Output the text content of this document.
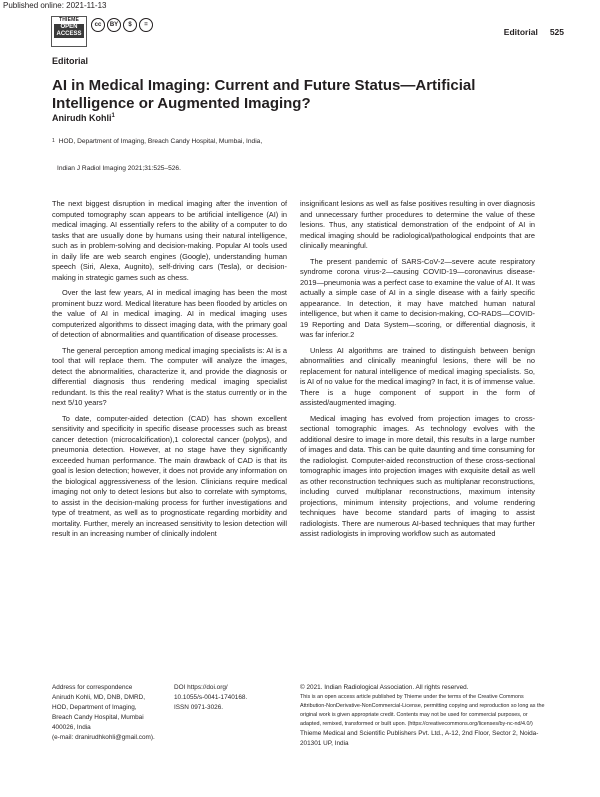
Published online: 2021-11-13
THIEME
OPEN
ACCESS
cc	BY	$	=
Editorial 525
Editorial
AI in Medical Imaging: Current and Future Status—Artificial Intelligence or Augmented Imaging?
Anirudh Kohli$^1$
1 HOD, Department of Imaging, Breach Candy Hospital, Mumbai, India,
Indian J Radiol Imaging 2021;31:525–526.

The next biggest disruption in medical imaging after the invention of computed tomography scan appears to be artificial intelligence (AI) in medical imaging. AI essentially refers to the ability of a computer to do tasks that are usually done by humans using their natural intelligence, such as in problem-solving and decision-making. Popular AI tools used in daily life are web search engines (Google), understanding human speech (Siri, Alexa, Augnito), self-driving cars (Tesla), or decision-making in strategic games such as chess.

Over the last few years, AI in medical imaging has been the most prominent buzz word. Medical literature has been flooded by articles on the value of AI in medical imaging. AI in medical imaging uses computerized algorithms to dissect imaging data, with the primary goal of detection of abnormalities and quantification of disease processes.

The general perception among medical imaging specialists is: AI is a tool that will replace them. The computer will analyze the images, detect the abnormalities, characterize it, and provide the diagnosis or differential diagnosis thus rendering medical imaging specialist redundant. Is this the real reality? What is the status currently or in the next 5/10 years?

To date, computer-aided detection (CAD) has shown excellent sensitivity and specificity in specific disease processes such as breast cancer detection (microcalcification),1 colorectal cancer (polyps), and pneumonia detection. However, at no stage have they significantly exceeded human performance. The main drawback of CAD is that its goal is lesion detection; however, it does not provide any information on the biological aggressiveness of the lesion. Clinicians require medical imaging not only to detect lesions but also to correlate with symptoms, to assist in the decision-making process for further investigations and type of treatment, as well as to prognosticate regarding morbidity and mortality. Further, merely an increased sensitivity to lesion detection will result in an increasing number of clinically indolent

insignificant lesions as well as false positives resulting in over diagnosis and unnecessary further procedures to determine the value of these lesions. Thus, any statistical demonstration of the endpoint of AI in medical imaging should be radiological/pathological endpoints that are clinically meaningful.

The present pandemic of SARS-CoV-2—severe acute respiratory syndrome corona virus-2—causing COVID-19—coronavirus disease-2019—pneumonia was a perfect case to examine the value of AI. It was actually a simple case of AI in a single disease with a fairly specific appearance. In detection, it may have matched human natural intelligence, but when it came to decision-making, CO-RADS—COVID-19 Reporting and Data System—scoring, or differential diagnosis, it was far inferior.2

Unless AI algorithms are trained to distinguish between benign abnormalities and clinically meaningful lesions, there will be no replacement for natural intelligence of medical imaging specialists. So, is AI of no value for the medical imaging? In fact, it is of immense value. There is a huge component of support in the form of assisted/augmented imaging.

Medical imaging has evolved from projection images to cross-sectional tomographic images. As technology evolves with the additional desire to image in more detail, this results in a large number of images and data. This can be quite daunting and time consuming for the radiologist. Computer-aided reconstruction of these cross-sectional tomographic images into projection images with exquisite detail as well as other reconstruction techniques such as multiplanar reconstructions, including curved multiplanar reconstructions, maximum intensity projections, minimum intensity projections, and volume rendering techniques have become standard parts of imaging to assist radiologists. There are numerous AI-based techniques that may further assist radiologists in improving workflow such as automated

Address for correspondence
Anirudh Kohli, MD, DNB, DMRD,
HOD, Department of Imaging,
Breach Candy Hospital, Mumbai
400026, India
(e-mail: dranirudhkohli@gmail.com).
DOI https://doi.org/
10.1055/s-0041-1740168.
ISSN 0971-3026.
© 2021. Indian Radiological Association. All rights reserved.
This is an open access article published by Thieme under the terms of the Creative Commons Attribution-NonDerivative-NonCommercial-License, permitting copying and reproduction so long as the original work is given appropriate credit. Contents may not be used for commercial purposes, or adapted, remixed, transformed or built upon. (https://creativecommons.org/licenses/by-nc-nd/4.0/)
Thieme Medical and Scientific Publishers Pvt. Ltd., A-12, 2nd Floor, Sector 2, Noida-201301 UP, India
